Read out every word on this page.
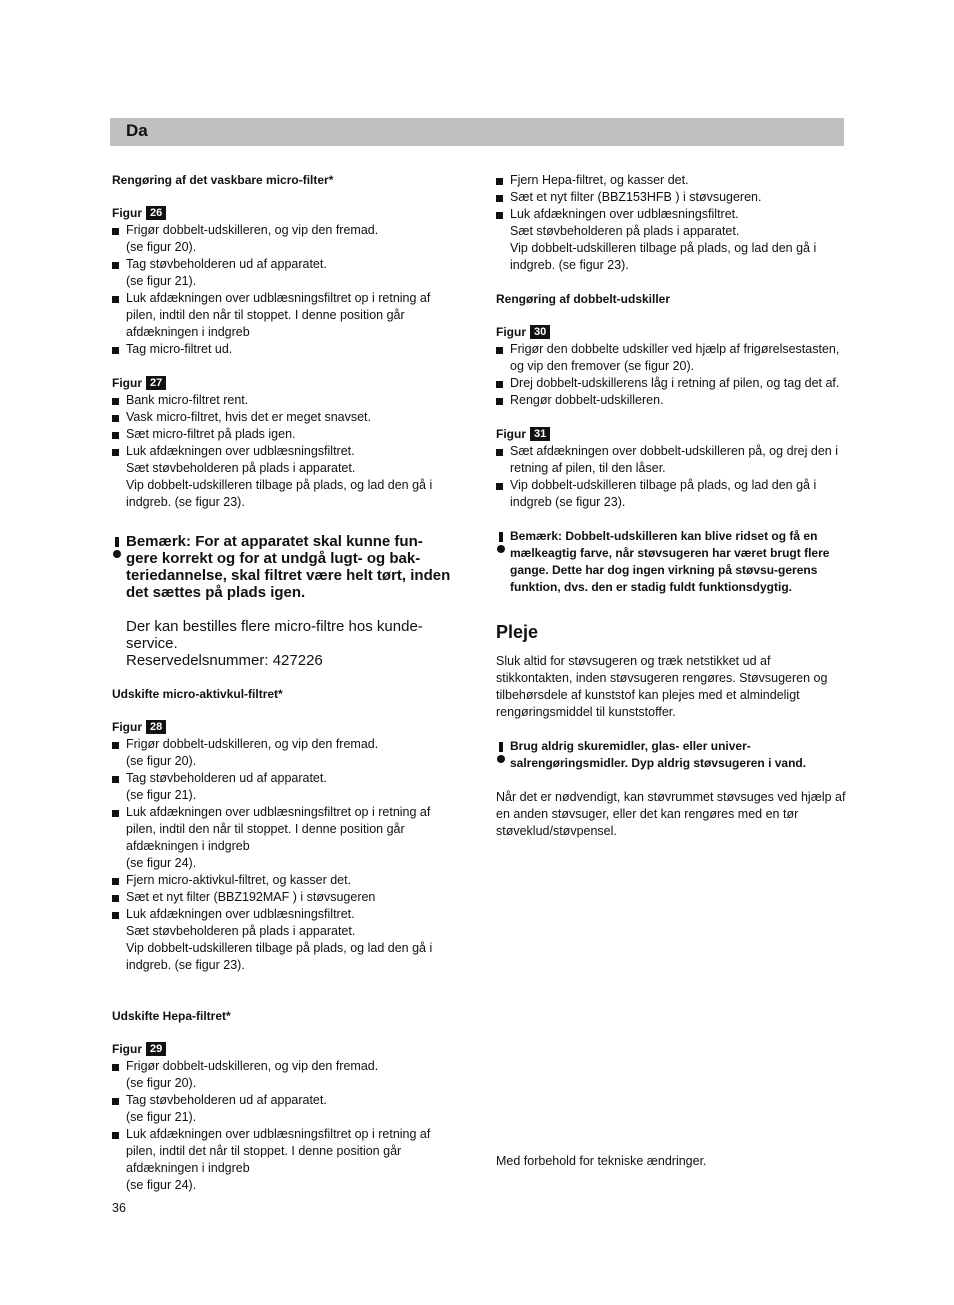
Da

Rengøring af det vaskbare micro-filter*

Figur 26

Frigør dobbelt-udskilleren, og vip den fremad.
(se figur 20).
Tag støvbeholderen ud af apparatet.
(se figur 21).
Luk afdækningen over udblæsningsfiltret op i retning af pilen, indtil den når til stoppet. I denne position går afdækningen i indgreb
Tag micro-filtret ud.

Figur 27

Bank micro-filtret rent.
Vask micro-filtret, hvis det er meget snavset.
Sæt micro-filtret på plads igen.
Luk afdækningen over udblæsningsfiltret.
Sæt støvbeholderen på plads i apparatet.
Vip dobbelt-udskilleren tilbage på plads, og lad den gå i indgreb. (se figur 23).
Bemærk: For at apparatet skal kunne fun-gere korrekt og for at undgå lugt- og bak-teriedannelse, skal filtret være helt tørt, inden det sættes på plads igen.

Der kan bestilles flere micro-filtre hos kunde-service.

Reservedelsnummer: 427226

Udskifte micro-aktivkul-filtret*

Figur 28

Frigør dobbelt-udskilleren, og vip den fremad.
(se figur 20).
Tag støvbeholderen ud af apparatet.
(se figur 21).
Luk afdækningen over udblæsningsfiltret op i retning af pilen, indtil den når til stoppet. I denne position går afdækningen i indgreb
(se figur 24).
Fjern micro-aktivkul-filtret, og kasser det.
Sæt et nyt filter (BBZ192MAF ) i støvsugeren
Luk afdækningen over udblæsningsfiltret.
Sæt støvbeholderen på plads i apparatet.
Vip dobbelt-udskilleren tilbage på plads, og lad den gå i indgreb. (se figur 23).

Udskifte Hepa-filtret*

Figur 29

Frigør dobbelt-udskilleren, og vip den fremad.
(se figur 20).
Tag støvbeholderen ud af apparatet.
(se figur 21).
Luk afdækningen over udblæsningsfiltret op i retning af pilen, indtil det når til stoppet. I denne position går afdækningen i indgreb
(se figur 24).
Fjern Hepa-filtret, og kasser det.
Sæt et nyt filter (BBZ153HFB ) i støvsugeren.
Luk afdækningen over udblæsningsfiltret.
Sæt støvbeholderen på plads i apparatet.
Vip dobbelt-udskilleren tilbage på plads, og lad den gå i indgreb. (se figur 23).

Rengøring af dobbelt-udskiller

Figur 30

Frigør den dobbelte udskiller ved hjælp af frigørelsestasten, og vip den fremover (se figur 20).
Drej dobbelt-udskillerens låg i retning af pilen, og tag det af.
Rengør dobbelt-udskilleren.

Figur 31

Sæt afdækningen over dobbelt-udskilleren på, og drej den i retning af pilen, til den låser.
Vip dobbelt-udskilleren tilbage på plads, og lad den gå i indgreb (se figur 23).
Bemærk: Dobbelt-udskilleren kan blive ridset og få en mælkeagtig farve, når støvsugeren har været brugt flere gange. Dette har dog ingen virkning på støvsu-gerens funktion, dvs. den er stadig fuldt funktionsdygtig.

Pleje

Sluk altid for støvsugeren og træk netstikket ud af stikkontakten, inden støvsugeren rengøres. Støvsugeren og tilbehørsdele af kunststof kan plejes med et almindeligt rengøringsmiddel til kunststoffer.

Brug aldrig skuremidler, glas- eller univer-salrengøringsmidler. Dyp aldrig støvsugeren i vand.

Når det er nødvendigt, kan støvrummet støvsuges ved hjælp af en anden støvsuger, eller det kan rengøres med en tør støveklud/støvpensel.

Med forbehold for tekniske ændringer.

36
